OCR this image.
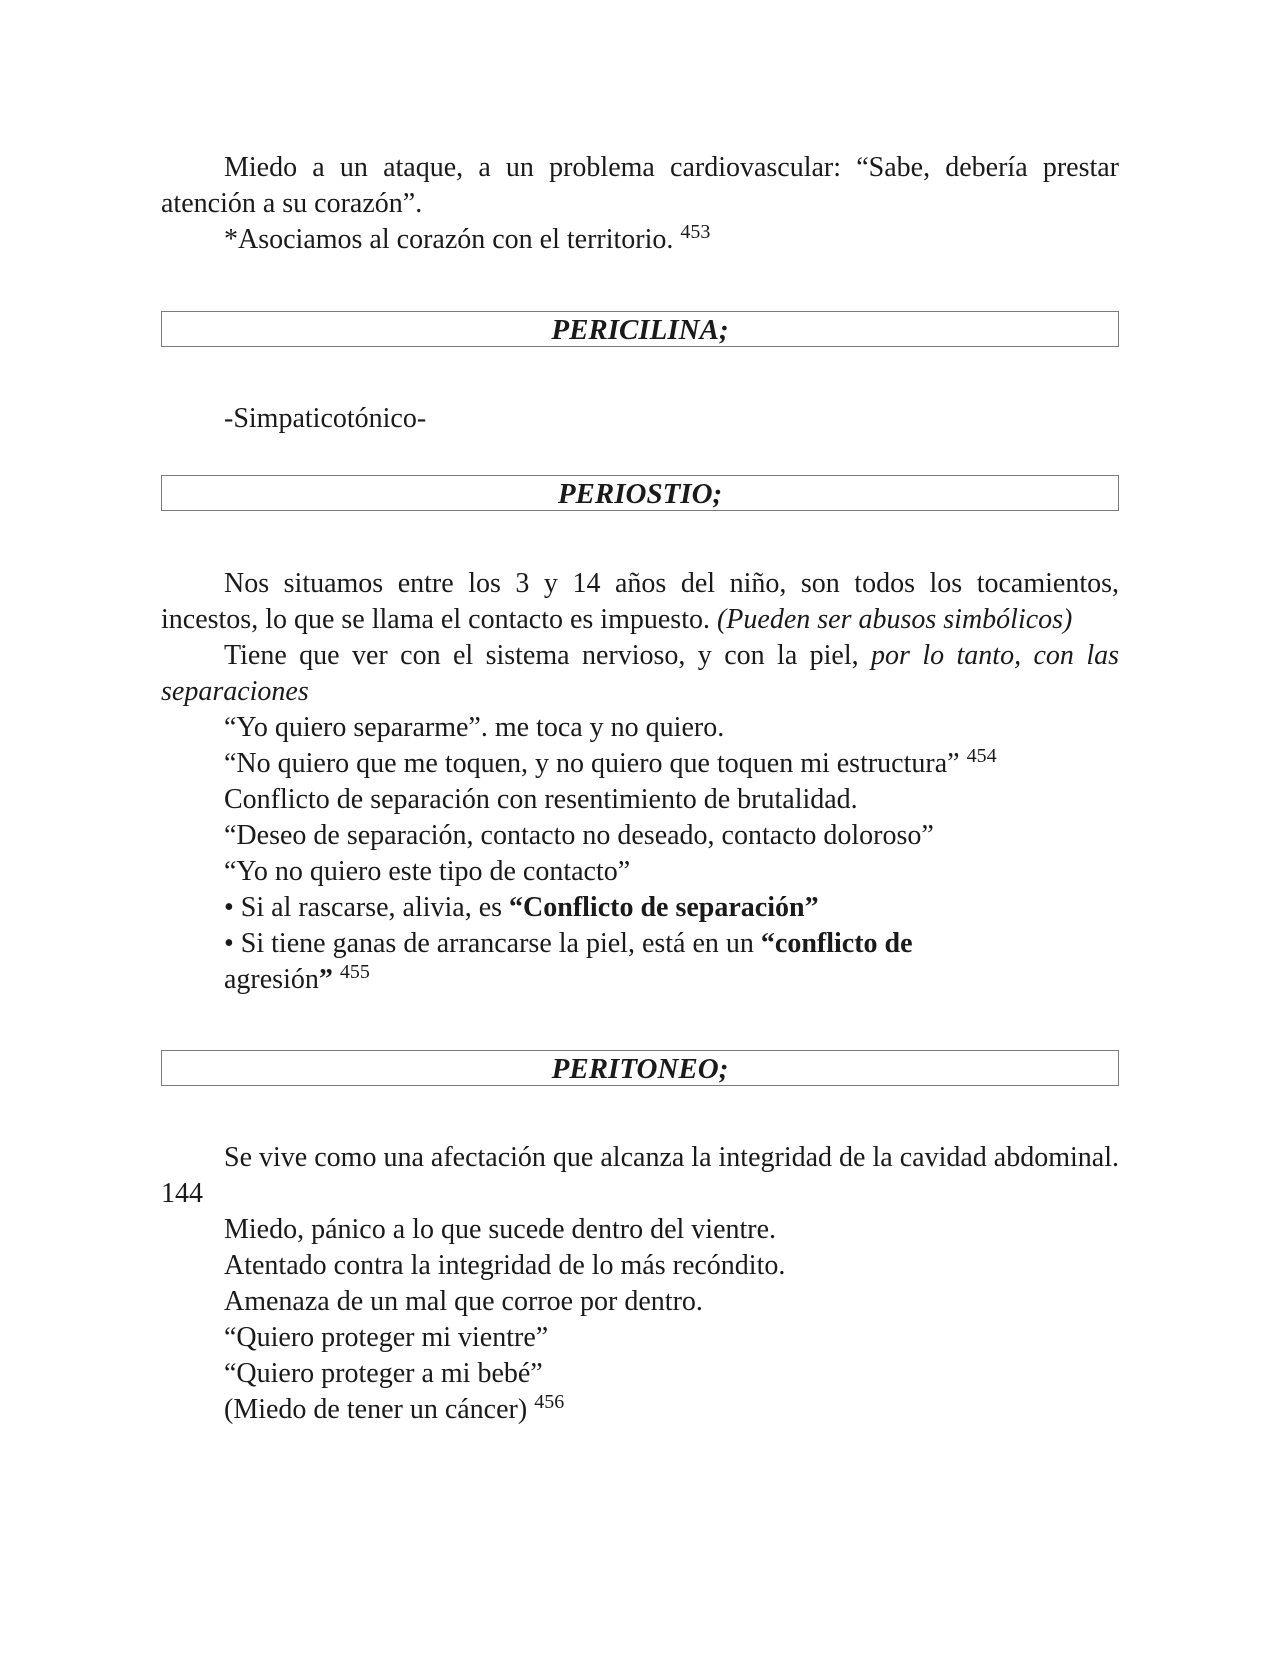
Miedo a un ataque, a un problema cardiovascular: “Sabe, debería prestar atención a su corazón”.

*Asociamos al corazón con el territorio. $^{453}$

PERICILINA;

-Simpaticotónico-

PERIOSTIO;

Nos situamos entre los 3 y 14 años del niño, son todos los tocamientos, incestos, lo que se llama el contacto es impuesto. (Pueden ser abusos simbólicos)

Tiene que ver con el sistema nervioso, y con la piel, por lo tanto, con las separaciones

“Yo quiero separarme”. me toca y no quiero.

“No quiero que me toquen, y no quiero que toquen mi estructura” $^{454}$

Conflicto de separación con resentimiento de brutalidad.

“Deseo de separación, contacto no deseado, contacto doloroso”

“Yo no quiero este tipo de contacto”

• Si al rascarse, alivia, es “Conflicto de separación”

• Si tiene ganas de arrancarse la piel, está en un “conflicto de

agresión” $^{455}$

PERITONEO;

Se vive como una afectación que alcanza la integridad de la cavidad abdominal. 144

Miedo, pánico a lo que sucede dentro del vientre.

Atentado contra la integridad de lo más recóndito.

Amenaza de un mal que corroe por dentro.

“Quiero proteger mi vientre”

“Quiero proteger a mi bebé”

(Miedo de tener un cáncer) $^{456}$
